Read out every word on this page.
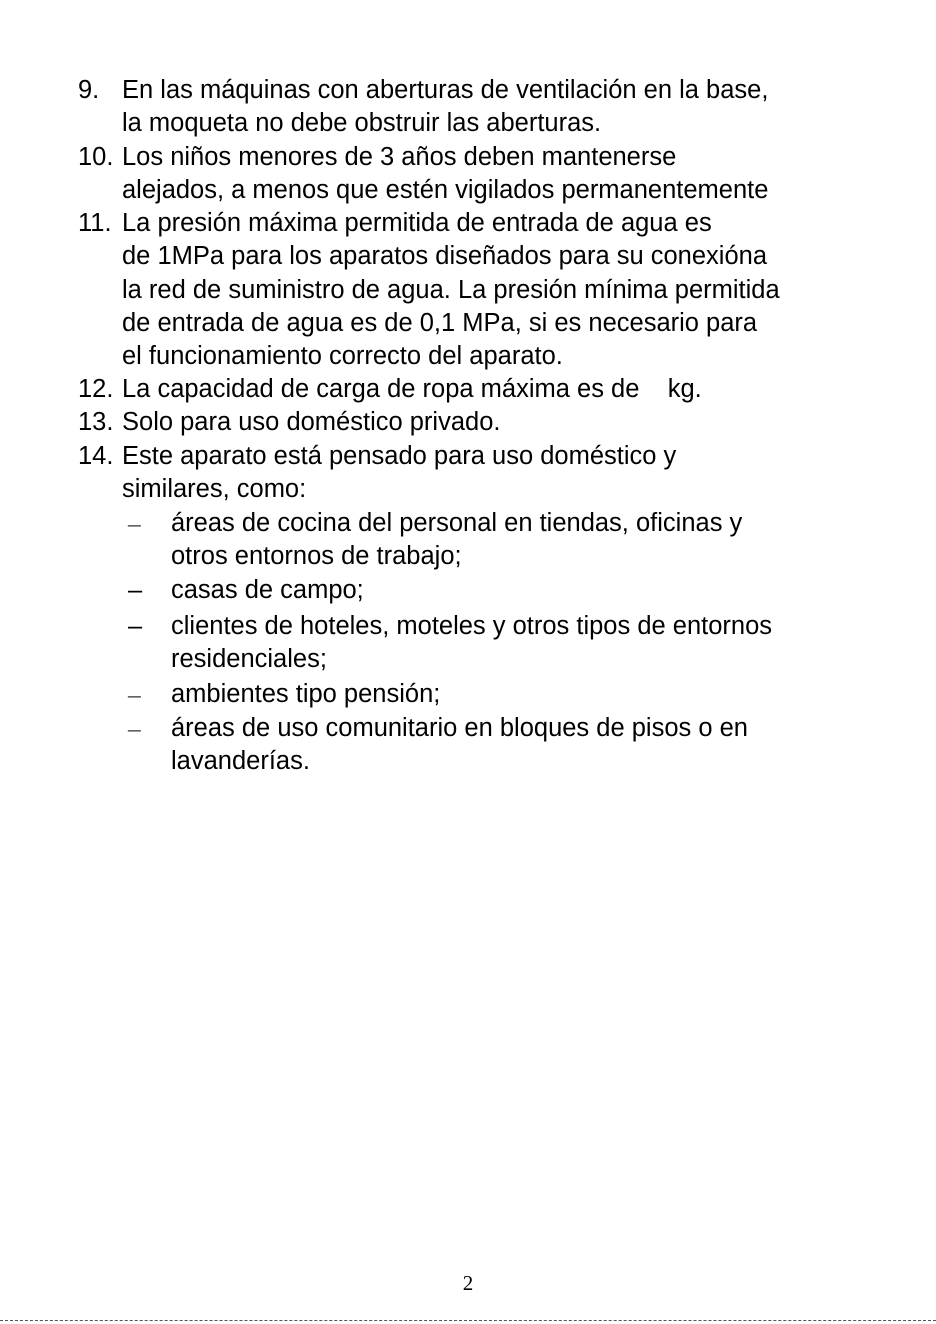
9. En las máquinas con aberturas de ventilación en la base,
la moqueta no debe obstruir las aberturas.
10. Los niños menores de 3 años deben mantenerse
alejados, a menos que estén vigilados permanentemente
11. La presión máxima permitida de entrada de agua es
de 1MPa para los aparatos diseñados para su conexióna
la red de suministro de agua. La presión mínima permitida
de entrada de agua es de 0,1 MPa, si es necesario para
el funcionamiento correcto del aparato.
12. La capacidad de carga de ropa máxima es de    kg.
13. Solo para uso doméstico privado.
14. Este aparato está pensado para uso doméstico y
similares, como:
– áreas de cocina del personal en tiendas, oficinas y
otros entornos de trabajo;
– casas de campo;
– clientes de hoteles, moteles y otros tipos de entornos
residenciales;
– ambientes tipo pensión;
– áreas de uso comunitario en bloques de pisos o en
lavanderías.
2
